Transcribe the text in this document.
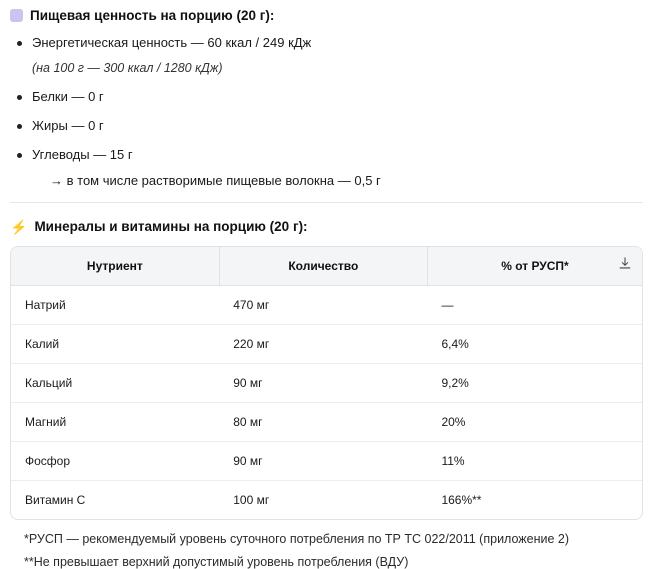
Пищевая ценность на порцию (20 г):
Энергетическая ценность — 60 ккал / 249 кДж
(на 100 г — 300 ккал / 1280 кДж)
Белки — 0 г
Жиры — 0 г
Углеводы — 15 г
→ в том числе растворимые пищевые волокна — 0,5 г
⚡ Минералы и витамины на порцию (20 г):
Нутриент	Количество	% от РУСП*
Натрий	470 мг	—
Калий	220 мг	6,4%
Кальций	90 мг	9,2%
Магний	80 мг	20%
Фосфор	90 мг	11%
Витамин C	100 мг	166%**
*РУСП — рекомендуемый уровень суточного потребления по ТР ТС 022/2011 (приложение 2)
**Не превышает верхний допустимый уровень потребления (ВДУ)
